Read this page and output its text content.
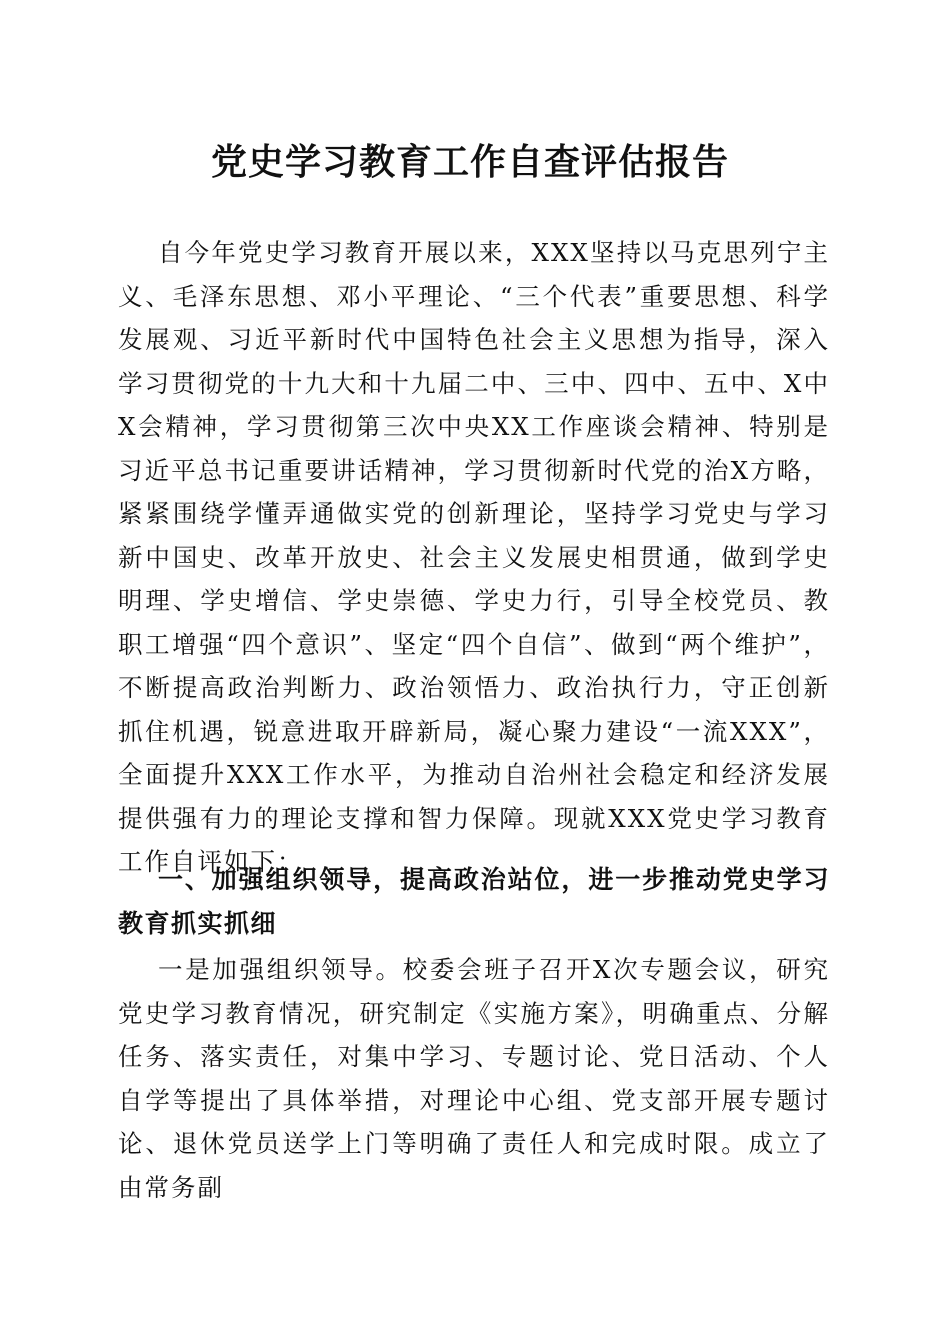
党史学习教育工作自查评估报告

自今年党史学习教育开展以来，XXX坚持以马克思列宁主义、毛泽东思想、邓小平理论、“三个代表”重要思想、科学发展观、习近平新时代中国特色社会主义思想为指导，深入学习贯彻党的十九大和十九届二中、三中、四中、五中、X中X会精神，学习贯彻第三次中央XX工作座谈会精神、特别是习近平总书记重要讲话精神，学习贯彻新时代党的治X方略，紧紧围绕学懂弄通做实党的创新理论，坚持学习党史与学习新中国史、改革开放史、社会主义发展史相贯通，做到学史明理、学史增信、学史崇德、学史力行，引导全校党员、教职工增强“四个意识”、坚定“四个自信”、做到“两个维护”，不断提高政治判断力、政治领悟力、政治执行力，守正创新抓住机遇，锐意进取开辟新局，凝心聚力建设“一流XXX”，全面提升XXX工作水平，为推动自治州社会稳定和经济发展提供强有力的理论支撑和智力保障。现就XXX党史学习教育工作自评如下：

一、加强组织领导，提高政治站位，进一步推动党史学习教育抓实抓细

一是加强组织领导。校委会班子召开X次专题会议，研究党史学习教育情况，研究制定《实施方案》，明确重点、分解任务、落实责任，对集中学习、专题讨论、党日活动、个人自学等提出了具体举措，对理论中心组、党支部开展专题讨论、退休党员送学上门等明确了责任人和完成时限。成立了由常务副
